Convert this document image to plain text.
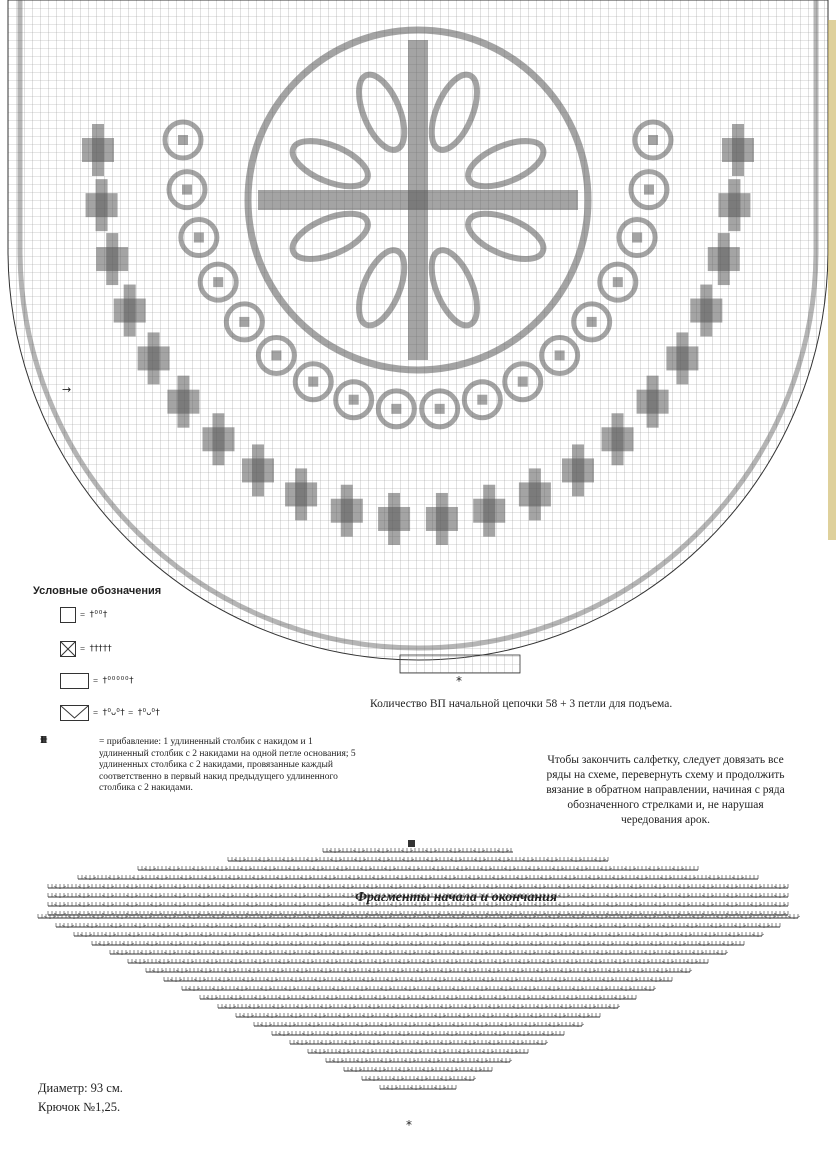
→
*
*
Условные обозначения
= †ᴼᴼ†
= †††††
= †ᴼᴼᴼᴼᴼ†
= †ᴼᴗᴼ† = †ᴼᴗᴼ†
ⱡⱡⱡⱡⱡⱡⱡ	= прибавление: 1 удлиненный столбик с накидом и 1 удлиненный столбик с 2 накидами на одной петле основания; 5 удлиненных столбика с 2 накидами, провязанные каждый соответственно в первый накид предыдущего удлиненного столбика с 2 накидами.
Количество ВП начальной цепочки 58 + 3 петли для подъема.
Чтобы закончить салфетку, следует довязать все ряды на схеме, перевернуть схему и продолжить вязание в обратном направлении, начиная с ряда обозначенного стрелками и, не нарушая чередования арок.
Фрагменты начала и окончания
Диаметр: 93 см.
Крючок №1,25.
